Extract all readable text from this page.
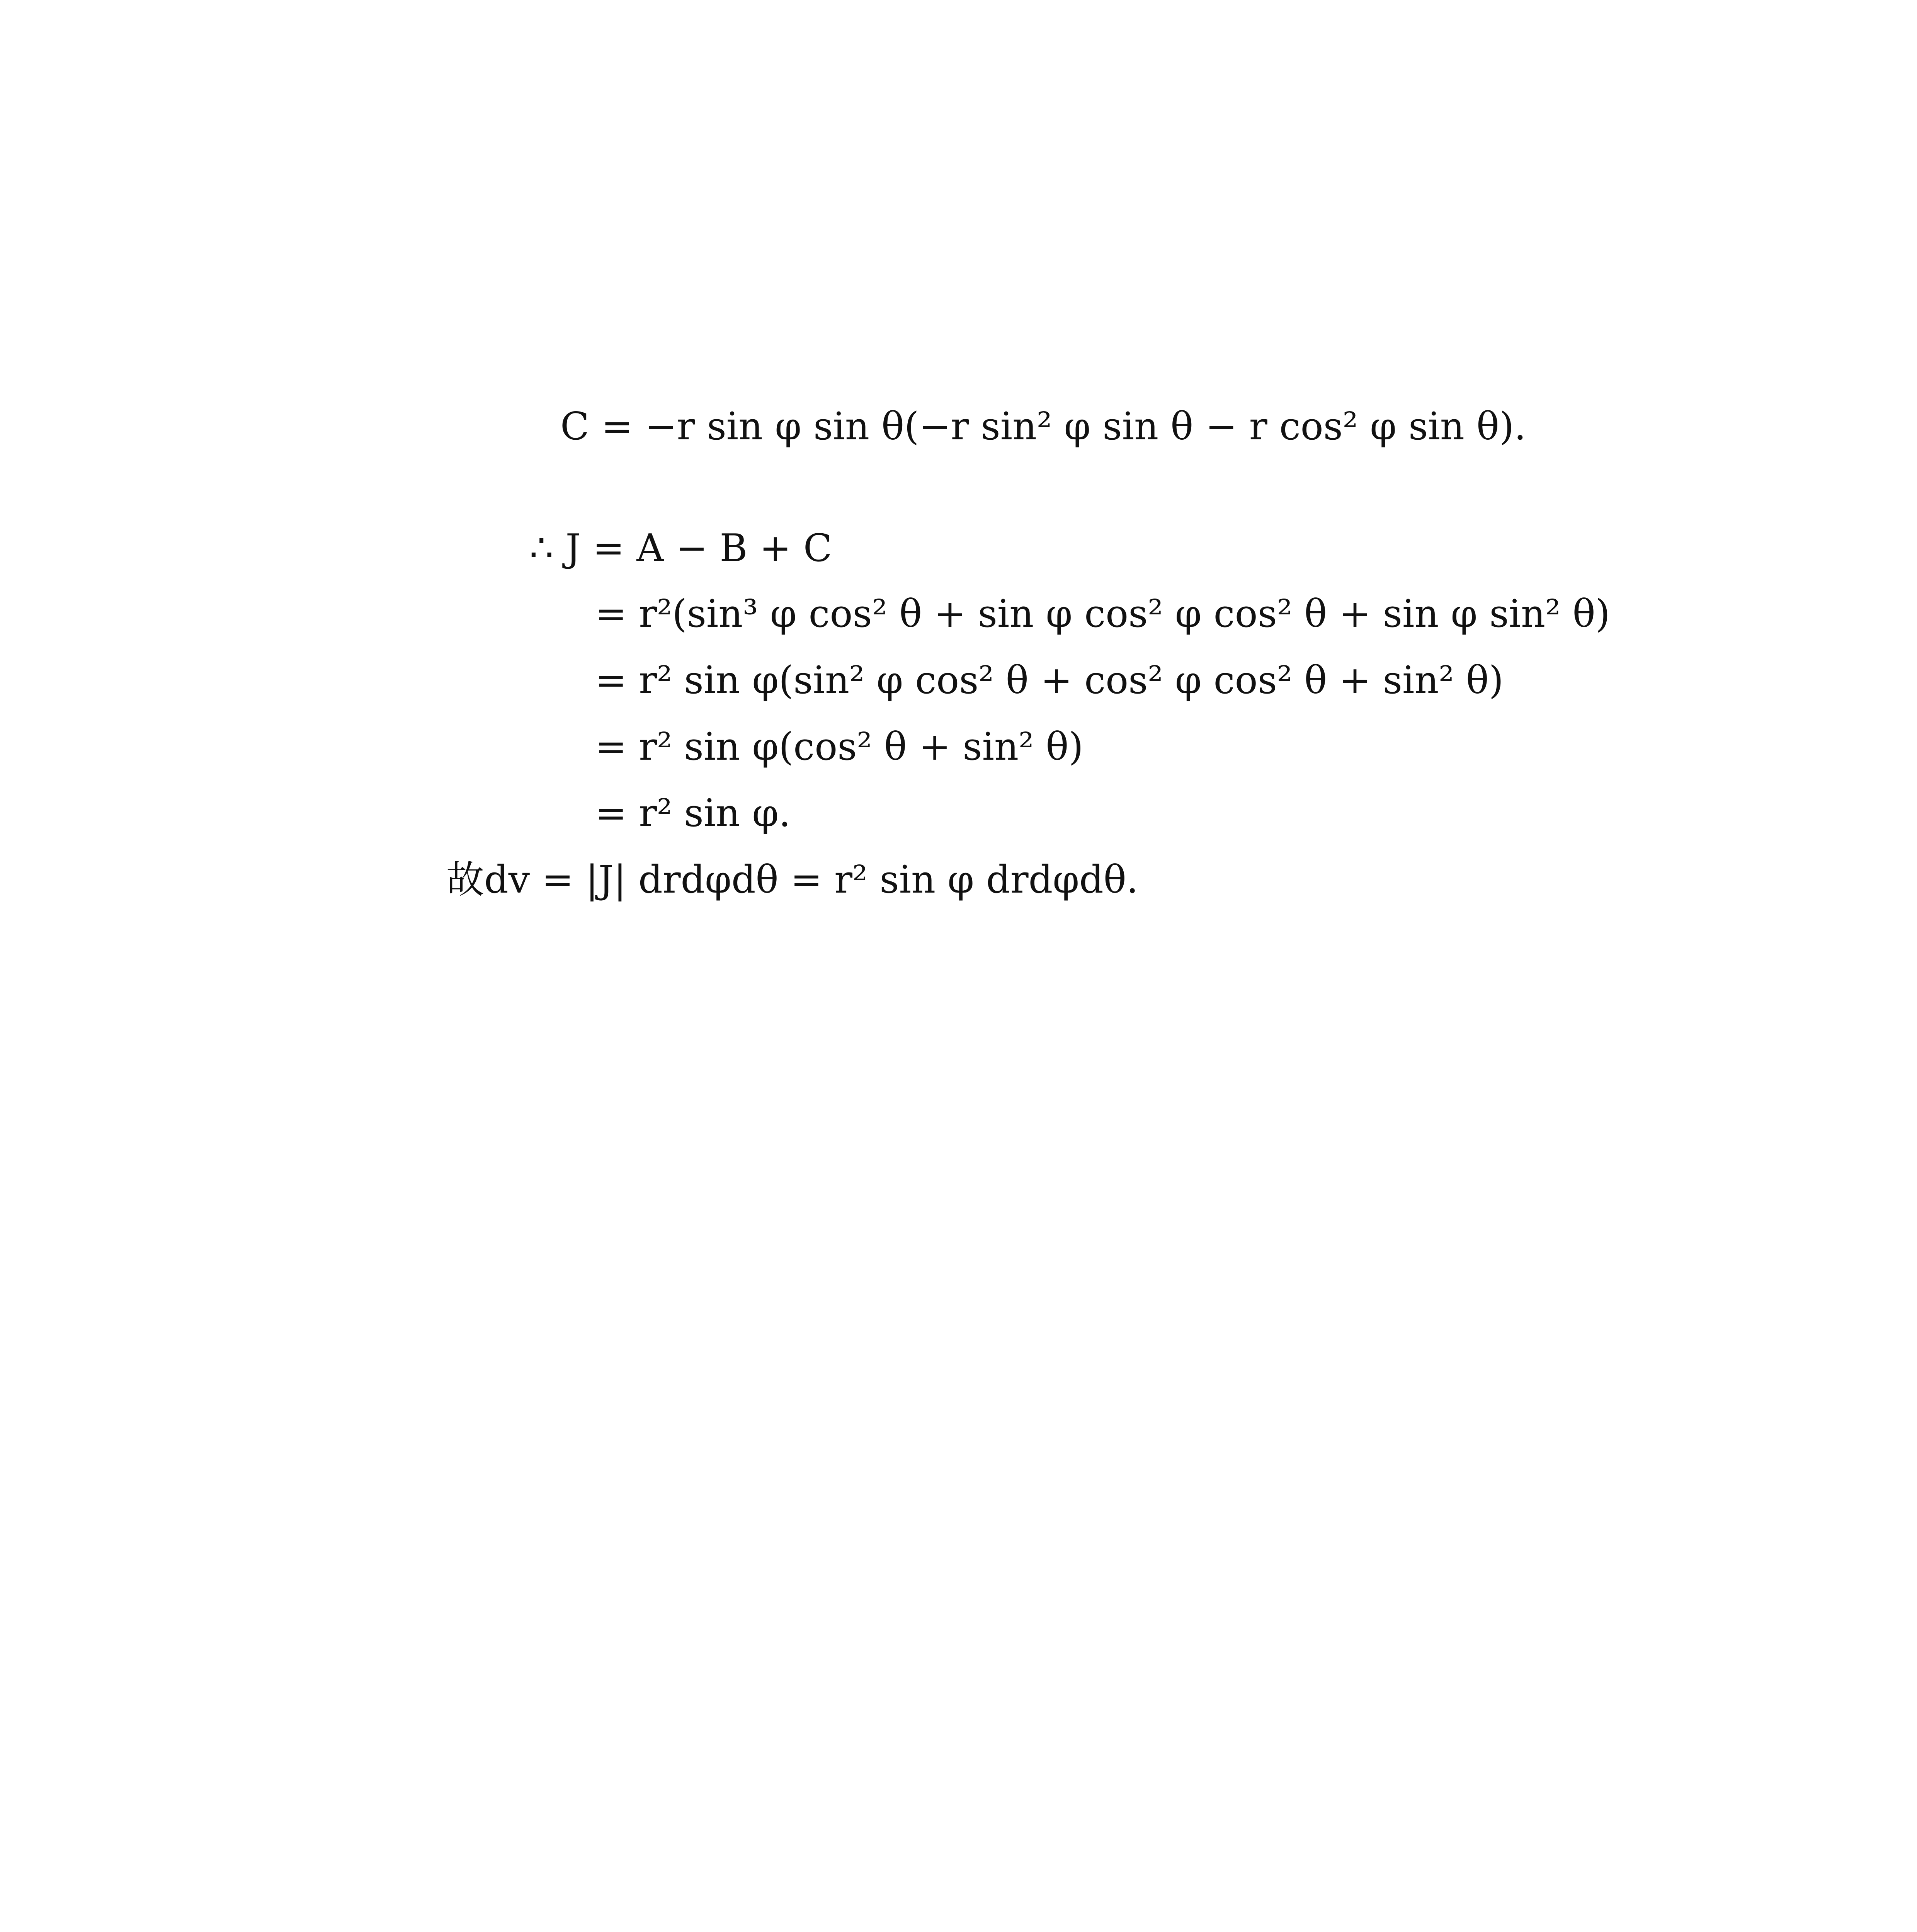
C = −r sin φ sin θ(−r sin² φ sin θ − r cos² φ sin θ).
∴ J = A − B + C
= r²(sin³ φ cos² θ + sin φ cos² φ cos² θ + sin φ sin² θ)
= r² sin φ(sin² φ cos² θ + cos² φ cos² θ + sin² θ)
= r² sin φ(cos² θ + sin² θ)
= r² sin φ.
故dv = |J| drdφdθ = r² sin φ drdφdθ.
